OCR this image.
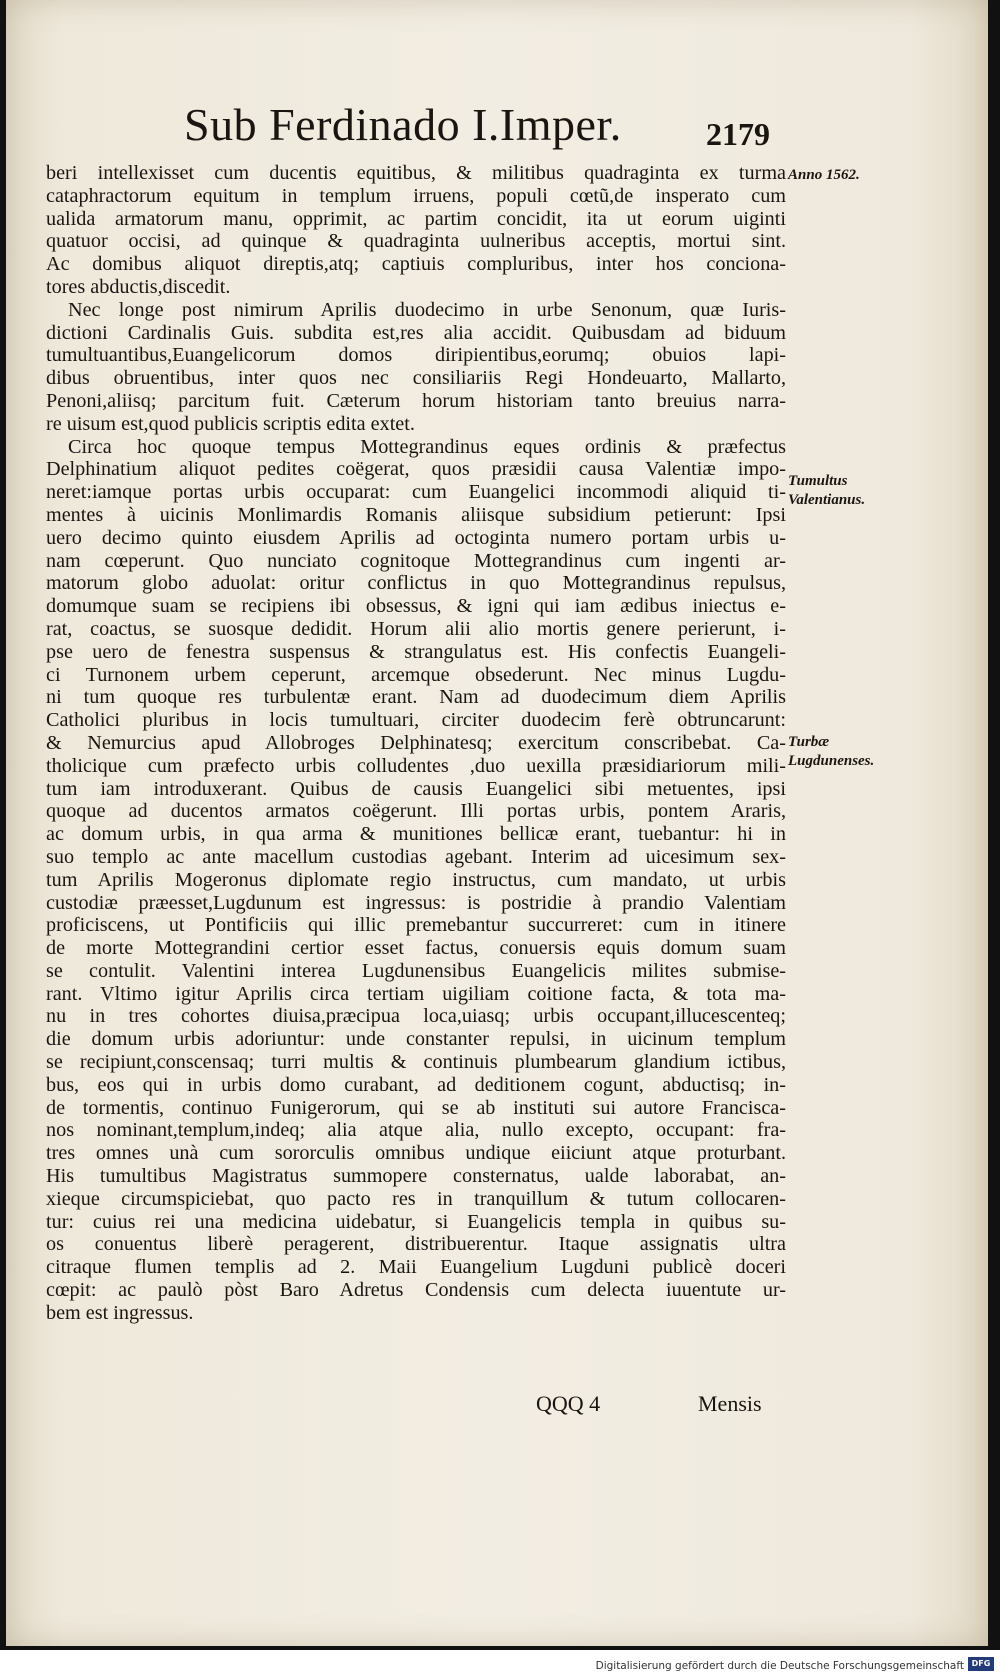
Sub Ferdinado I.Imper.	2179
beri intellexisset cum ducentis equitibus, & militibus quadraginta ex turma
cataphractorum equitum in templum irruens, populi cœtũ,de insperato cum
ualida armatorum manu, opprimit, ac partim concidit, ita ut eorum uiginti
quatuor occisi, ad quinque & quadraginta uulneribus acceptis, mortui sint.
Ac domibus aliquot direptis,atq; captiuis compluribus, inter hos conciona-
tores abductis,discedit.
Nec longe post nimirum Aprilis duodecimo in urbe Senonum, quæ Iuris-
dictioni Cardinalis Guis. subdita est,res alia accidit. Quibusdam ad biduum
tumultuantibus,Euangelicorum domos diripientibus,eorumq; obuios lapi-
dibus obruentibus, inter quos nec consiliariis Regi Hondeuarto, Mallarto,
Penoni,aliisq; parcitum fuit. Cæterum horum historiam tanto breuius narra-
re uisum est,quod publicis scriptis edita extet.
Circa hoc quoque tempus Mottegrandinus eques ordinis & præfectus
Delphinatium aliquot pedites coëgerat, quos præsidii causa Valentiæ impo-
neret:iamque portas urbis occuparat: cum Euangelici incommodi aliquid ti-
mentes à uicinis Monlimardis Romanis aliisque subsidium petierunt: Ipsi
uero decimo quinto eiusdem Aprilis ad octoginta numero portam urbis u-
nam cœperunt. Quo nunciato cognitoque Mottegrandinus cum ingenti ar-
matorum globo aduolat: oritur conflictus in quo Mottegrandinus repulsus,
domumque suam se recipiens ibi obsessus, & igni qui iam ædibus iniectus e-
rat, coactus, se suosque dedidit. Horum alii alio mortis genere perierunt, i-
pse uero de fenestra suspensus & strangulatus est. His confectis Euangeli-
ci Turnonem urbem ceperunt, arcemque obsederunt. Nec minus Lugdu-
ni tum quoque res turbulentæ erant. Nam ad duodecimum diem Aprilis
Catholici pluribus in locis tumultuari, circiter duodecim ferè obtruncarunt:
& Nemurcius apud Allobroges Delphinatesq; exercitum conscribebat. Ca-
tholicique cum præfecto urbis colludentes ,duo uexilla præsidiariorum mili-
tum iam introduxerant. Quibus de causis Euangelici sibi metuentes, ipsi
quoque ad ducentos armatos coëgerunt. Illi portas urbis, pontem Araris,
ac domum urbis, in qua arma & munitiones bellicæ erant, tuebantur: hi in
suo templo ac ante macellum custodias agebant. Interim ad uicesimum sex-
tum Aprilis Mogeronus diplomate regio instructus, cum mandato, ut urbis
custodiæ præesset,Lugdunum est ingressus: is postridie à prandio Valentiam
proficiscens, ut Pontificiis qui illic premebantur succurreret: cum in itinere
de morte Mottegrandini certior esset factus, conuersis equis domum suam
se contulit. Valentini interea Lugdunensibus Euangelicis milites submise-
rant. Vltimo igitur Aprilis circa tertiam uigiliam coitione facta, & tota ma-
nu in tres cohortes diuisa,præcipua loca,uiasq; urbis occupant,illucescenteq;
die domum urbis adoriuntur: unde constanter repulsi, in uicinum templum
se recipiunt,conscensaq; turri multis & continuis plumbearum glandium ictibus,
bus, eos qui in urbis domo curabant, ad deditionem cogunt, abductisq; in-
de tormentis, continuo Funigerorum, qui se ab instituti sui autore Francisca-
nos nominant,templum,indeq; alia atque alia, nullo excepto, occupant: fra-
tres omnes unà cum sororculis omnibus undique eiiciunt atque proturbant.
His tumultibus Magistratus summopere consternatus, ualde laborabat, an-
xieque circumspiciebat, quo pacto res in tranquillum & tutum collocaren-
tur: cuius rei una medicina uidebatur, si Euangelicis templa in quibus su-
os conuentus liberè peragerent, distribuerentur. Itaque assignatis ultra
citraque flumen templis ad 2. Maii Euangelium Lugduni publicè doceri
cœpit: ac paulò pòst Baro Adretus Condensis cum delecta iuuentute ur-
bem est ingressus.
Anno 1562.
Tumultus Valentianus.
Turbæ Lugdunenses.
QQQ 4	Mensis
Digitalisierung gefördert durch die Deutsche Forschungsgemeinschaft DFG
